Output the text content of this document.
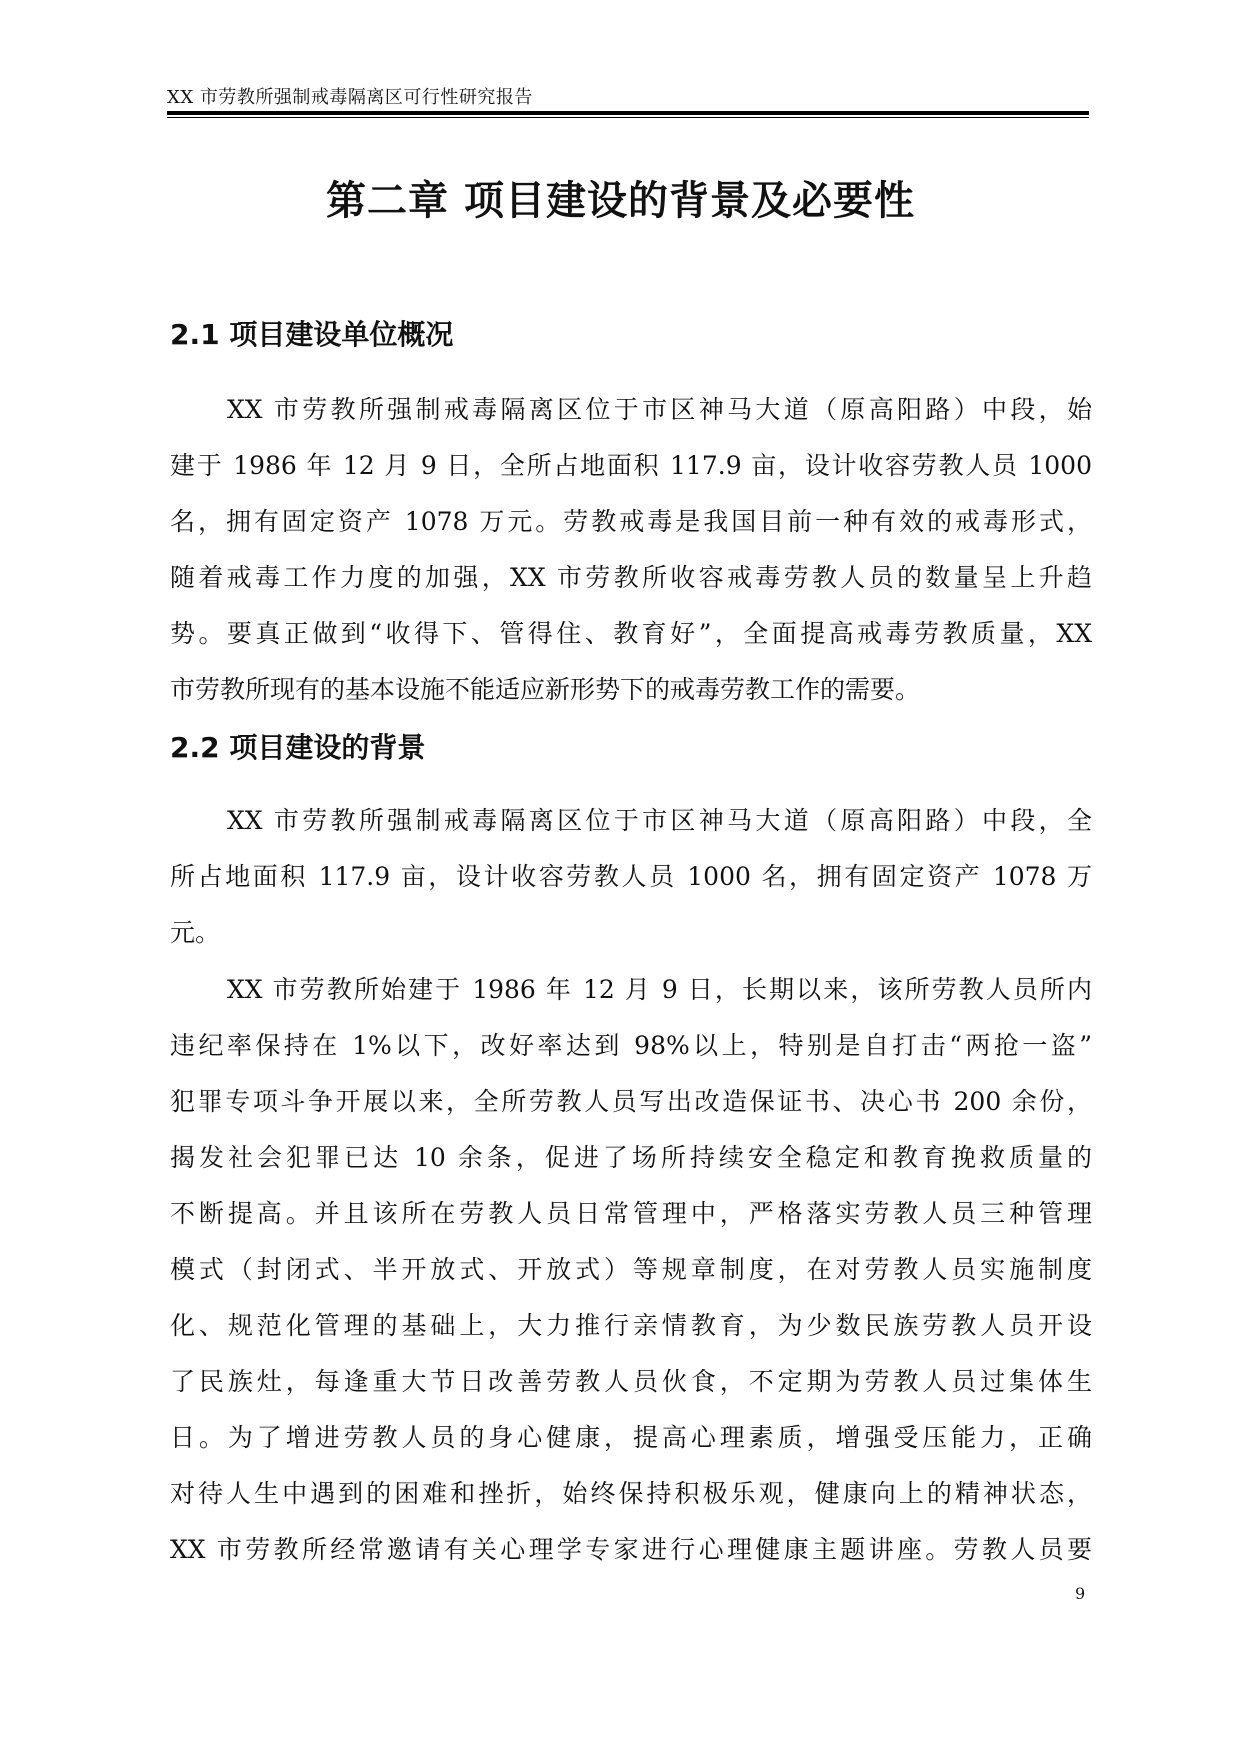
XX 市劳教所强制戒毒隔离区可行性研究报告
第二章 项目建设的背景及必要性
2.1 项目建设单位概况
XX 市劳教所强制戒毒隔离区位于市区神马大道（原高阳路）中段，始
建于 1986 年 12 月 9 日，全所占地面积 117.9 亩，设计收容劳教人员 1000
名，拥有固定资产 1078 万元。劳教戒毒是我国目前一种有效的戒毒形式，
随着戒毒工作力度的加强，XX 市劳教所收容戒毒劳教人员的数量呈上升趋
势。要真正做到“收得下、管得住、教育好”，全面提高戒毒劳教质量，XX
市劳教所现有的基本设施不能适应新形势下的戒毒劳教工作的需要。
2.2 项目建设的背景
XX 市劳教所强制戒毒隔离区位于市区神马大道（原高阳路）中段，全
所占地面积 117.9 亩，设计收容劳教人员 1000 名，拥有固定资产 1078 万
元。
XX 市劳教所始建于 1986 年 12 月 9 日，长期以来，该所劳教人员所内
违纪率保持在 1%以下，改好率达到 98%以上，特别是自打击“两抢一盗”
犯罪专项斗争开展以来，全所劳教人员写出改造保证书、决心书 200 余份，
揭发社会犯罪已达 10 余条，促进了场所持续安全稳定和教育挽救质量的
不断提高。并且该所在劳教人员日常管理中，严格落实劳教人员三种管理
模式（封闭式、半开放式、开放式）等规章制度，在对劳教人员实施制度
化、规范化管理的基础上，大力推行亲情教育，为少数民族劳教人员开设
了民族灶，每逢重大节日改善劳教人员伙食，不定期为劳教人员过集体生
日。为了增进劳教人员的身心健康，提高心理素质，增强受压能力，正确
对待人生中遇到的困难和挫折，始终保持积极乐观，健康向上的精神状态，
XX 市劳教所经常邀请有关心理学专家进行心理健康主题讲座。劳教人员要
9
